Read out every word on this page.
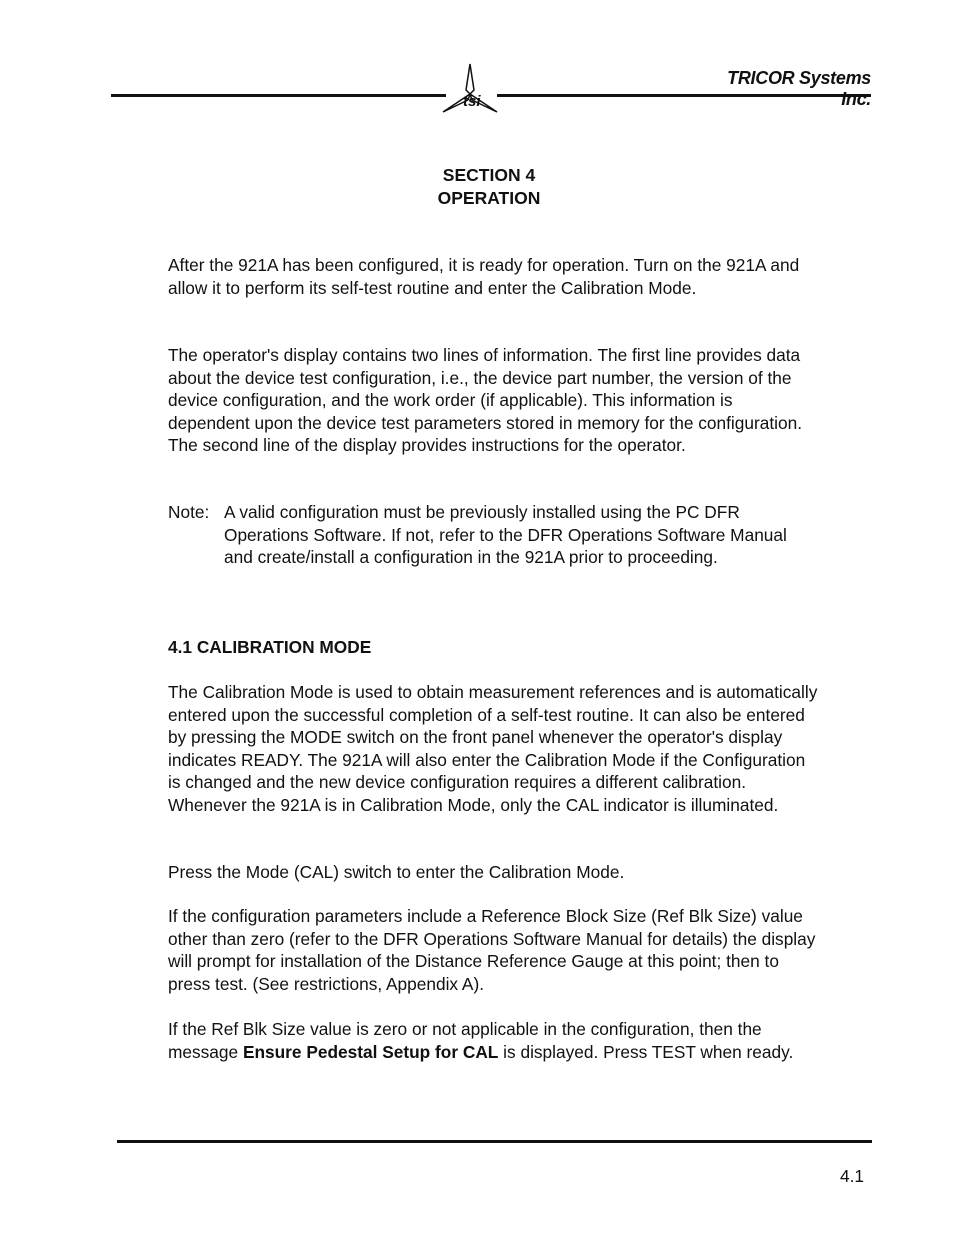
tsi
TRICOR Systems Inc.
SECTION 4
OPERATION

After the 921A has been configured, it is ready for operation. Turn on the 921A and allow it to perform its self-test routine and enter the Calibration Mode.

The operator's display contains two lines of information. The first line provides data about the device test configuration, i.e., the device part number, the version of the device configuration, and the work order (if applicable). This information is dependent upon the device test parameters stored in memory for the configuration. The second line of the display provides instructions for the operator.

Note: A valid configuration must be previously installed using the PC DFR Operations Software. If not, refer to the DFR Operations Software Manual and create/install a configuration in the 921A prior to proceeding.
4.1 CALIBRATION MODE

The Calibration Mode is used to obtain measurement references and is automatically entered upon the successful completion of a self-test routine. It can also be entered by pressing the MODE switch on the front panel whenever the operator's display indicates READY. The 921A will also enter the Calibration Mode if the Configuration is changed and the new device configuration requires a different calibration. Whenever the 921A is in Calibration Mode, only the CAL indicator is illuminated.

Press the Mode (CAL) switch to enter the Calibration Mode.

If the configuration parameters include a Reference Block Size (Ref Blk Size) value other than zero (refer to the DFR Operations Software Manual for details) the display will prompt for installation of the Distance Reference Gauge at this point; then to press test. (See restrictions, Appendix A).

If the Ref Blk Size value is zero or not applicable in the configuration, then the message Ensure Pedestal Setup for CAL is displayed. Press TEST when ready.

4.1
